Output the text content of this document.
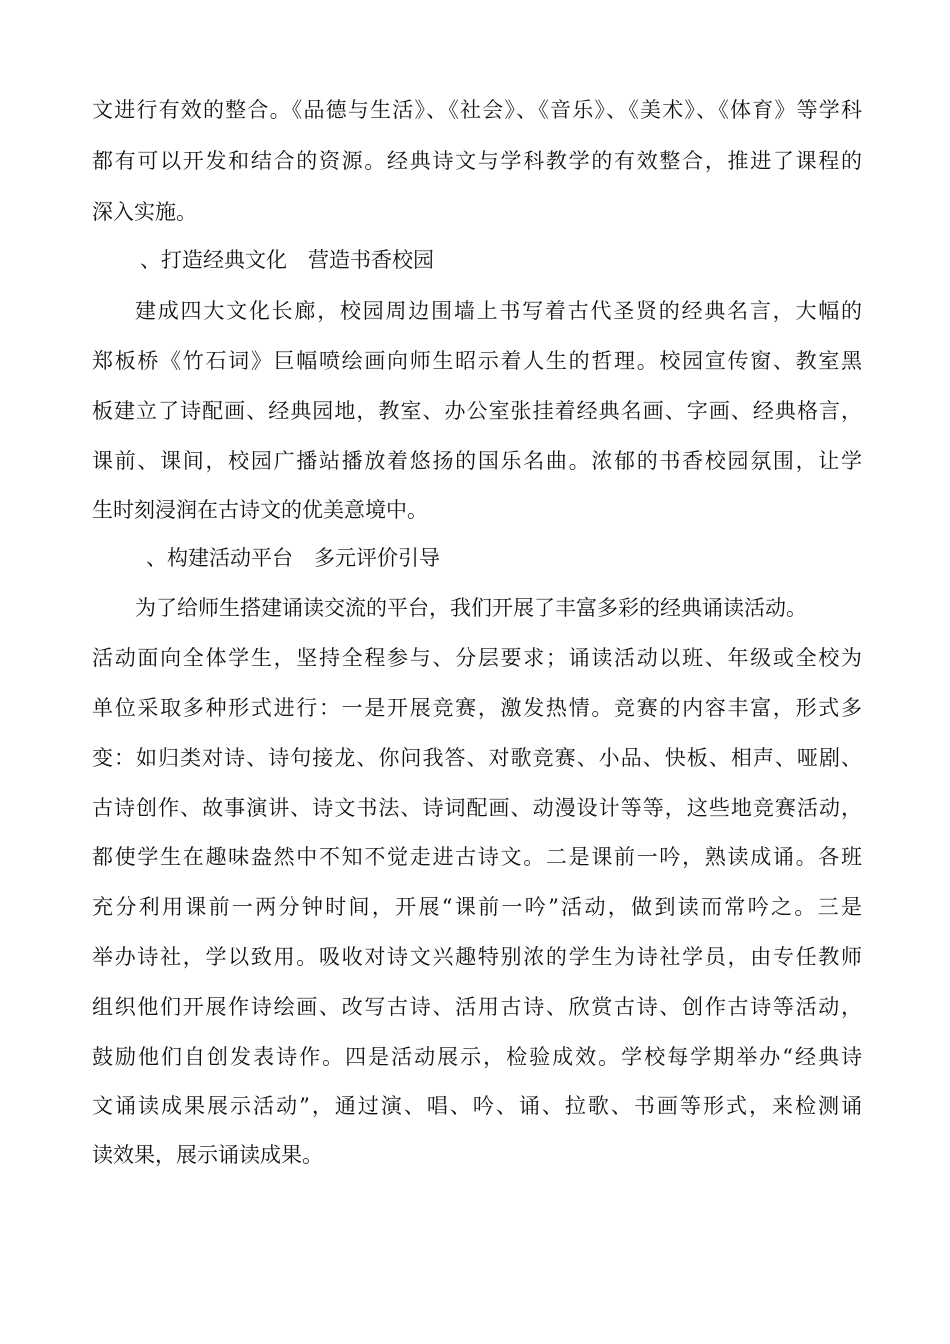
文进行有效的整合。《品德与生活》、《社会》、《音乐》、《美术》、《体育》等学科
都有可以开发和结合的资源。经典诗文与学科教学的有效整合，推进了课程的
深入实施。
、打造经典文化　营造书香校园
建成四大文化长廊，校园周边围墙上书写着古代圣贤的经典名言，大幅的
郑板桥《竹石词》巨幅喷绘画向师生昭示着人生的哲理。校园宣传窗、教室黑
板建立了诗配画、经典园地，教室、办公室张挂着经典名画、字画、经典格言，
课前、课间，校园广播站播放着悠扬的国乐名曲。浓郁的书香校园氛围，让学
生时刻浸润在古诗文的优美意境中。
、构建活动平台　多元评价引导
为了给师生搭建诵读交流的平台，我们开展了丰富多彩的经典诵读活动。
活动面向全体学生，坚持全程参与、分层要求；诵读活动以班、年级或全校为
单位采取多种形式进行：一是开展竞赛，激发热情。竞赛的内容丰富，形式多
变：如归类对诗、诗句接龙、你问我答、对歌竞赛、小品、快板、相声、哑剧、
古诗创作、故事演讲、诗文书法、诗词配画、动漫设计等等，这些地竞赛活动，
都使学生在趣味盎然中不知不觉走进古诗文。二是课前一吟，熟读成诵。各班
充分利用课前一两分钟时间，开展“课前一吟”活动，做到读而常吟之。三是
举办诗社，学以致用。吸收对诗文兴趣特别浓的学生为诗社学员，由专任教师
组织他们开展作诗绘画、改写古诗、活用古诗、欣赏古诗、创作古诗等活动，
鼓励他们自创发表诗作。四是活动展示，检验成效。学校每学期举办“经典诗
文诵读成果展示活动”，通过演、唱、吟、诵、拉歌、书画等形式，来检测诵
读效果，展示诵读成果。
